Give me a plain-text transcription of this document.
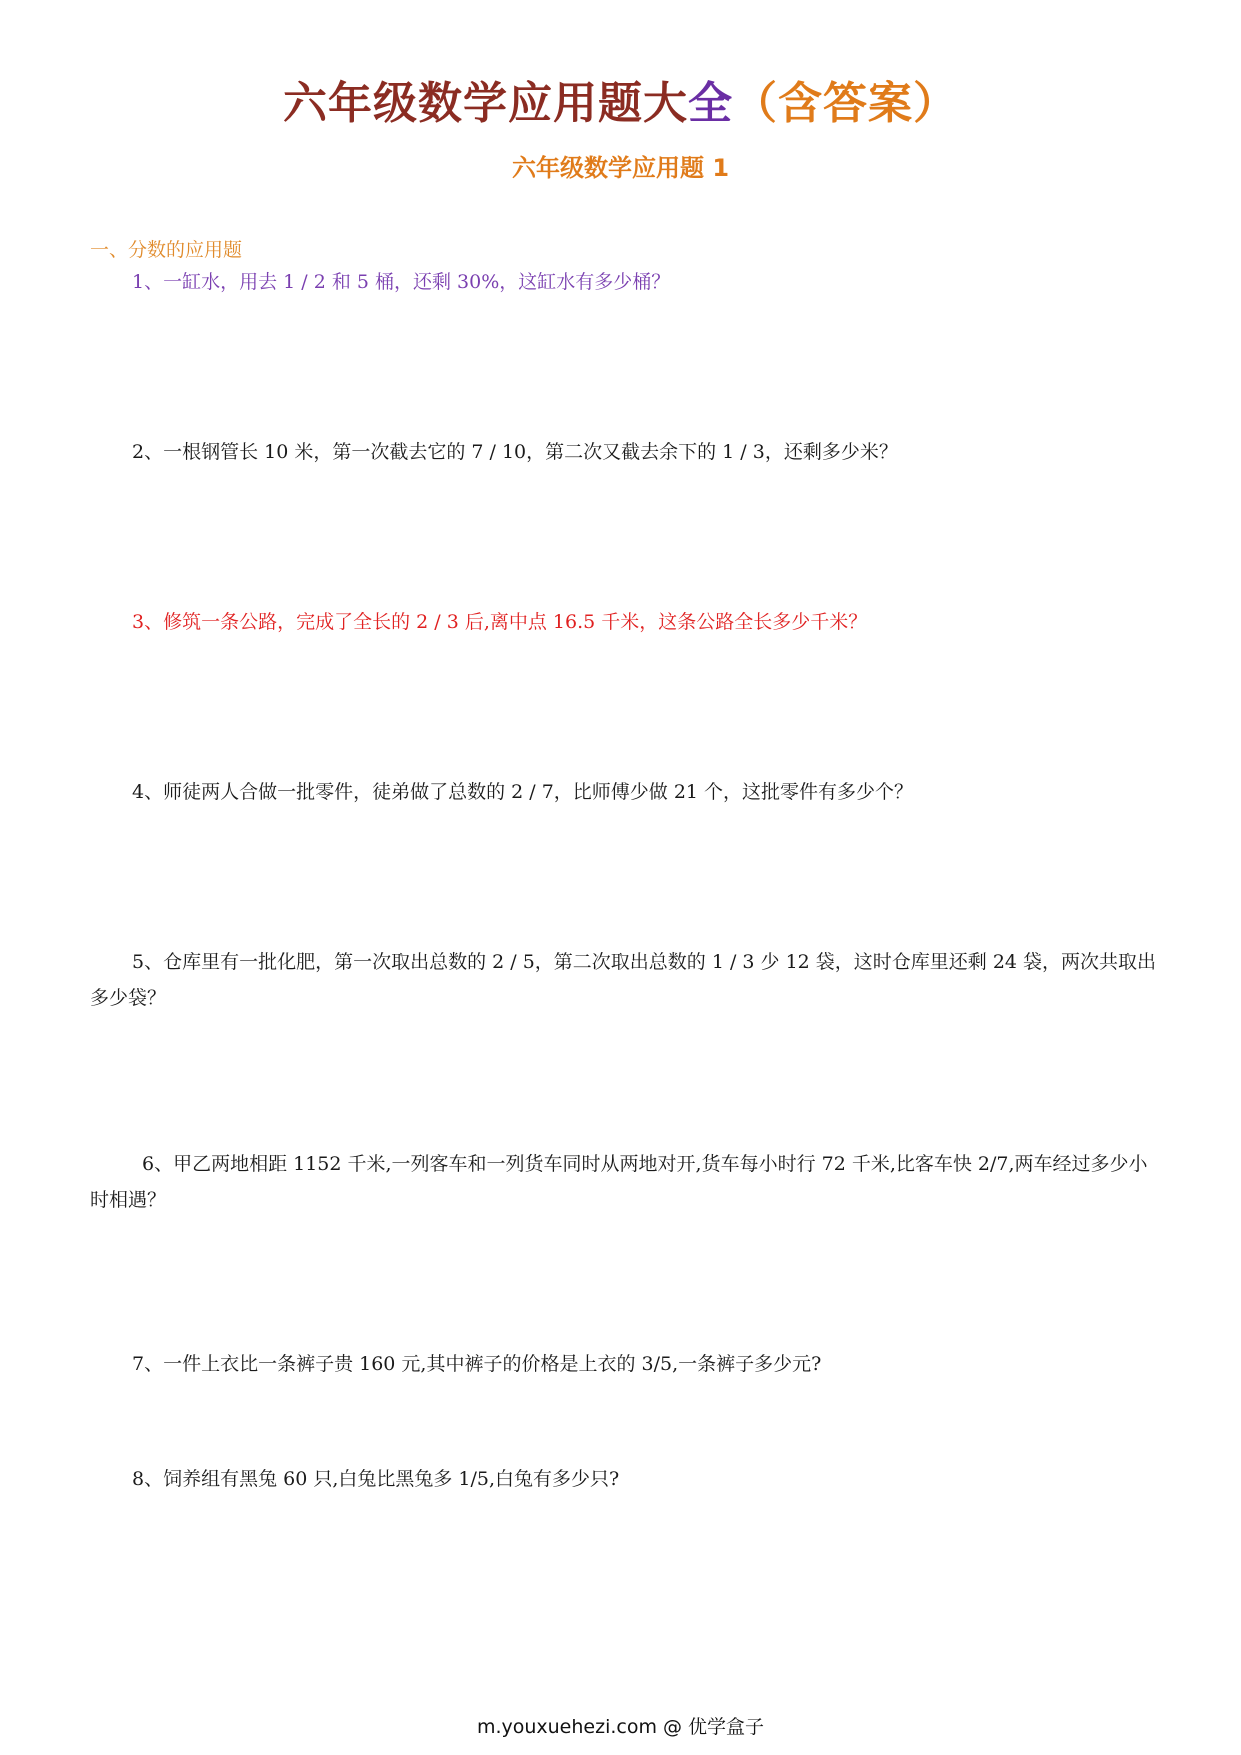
六年级数学应用题大全（含答案）
六年级数学应用题 1
一、分数的应用题
1、一缸水，用去 1 / 2 和 5 桶，还剩 30%，这缸水有多少桶？
2、一根钢管长 10 米，第一次截去它的 7 / 10，第二次又截去余下的 1 / 3，还剩多少米？
3、修筑一条公路，完成了全长的 2 / 3 后,离中点 16.5 千米，这条公路全长多少千米？
4、师徒两人合做一批零件，徒弟做了总数的 2 / 7，比师傅少做 21 个，这批零件有多少个？
5、仓库里有一批化肥，第一次取出总数的 2 / 5，第二次取出总数的 1 / 3 少 12 袋，这时仓库里还剩 24 袋，两次共取出多少袋？
6、甲乙两地相距 1152 千米,一列客车和一列货车同时从两地对开,货车每小时行 72 千米,比客车快 2/7,两车经过多少小时相遇？
7、一件上衣比一条裤子贵 160 元,其中裤子的价格是上衣的 3/5,一条裤子多少元?
8、饲养组有黑兔 60 只,白兔比黑兔多 1/5,白兔有多少只?
m.youxuehezi.com @ 优学盒子
